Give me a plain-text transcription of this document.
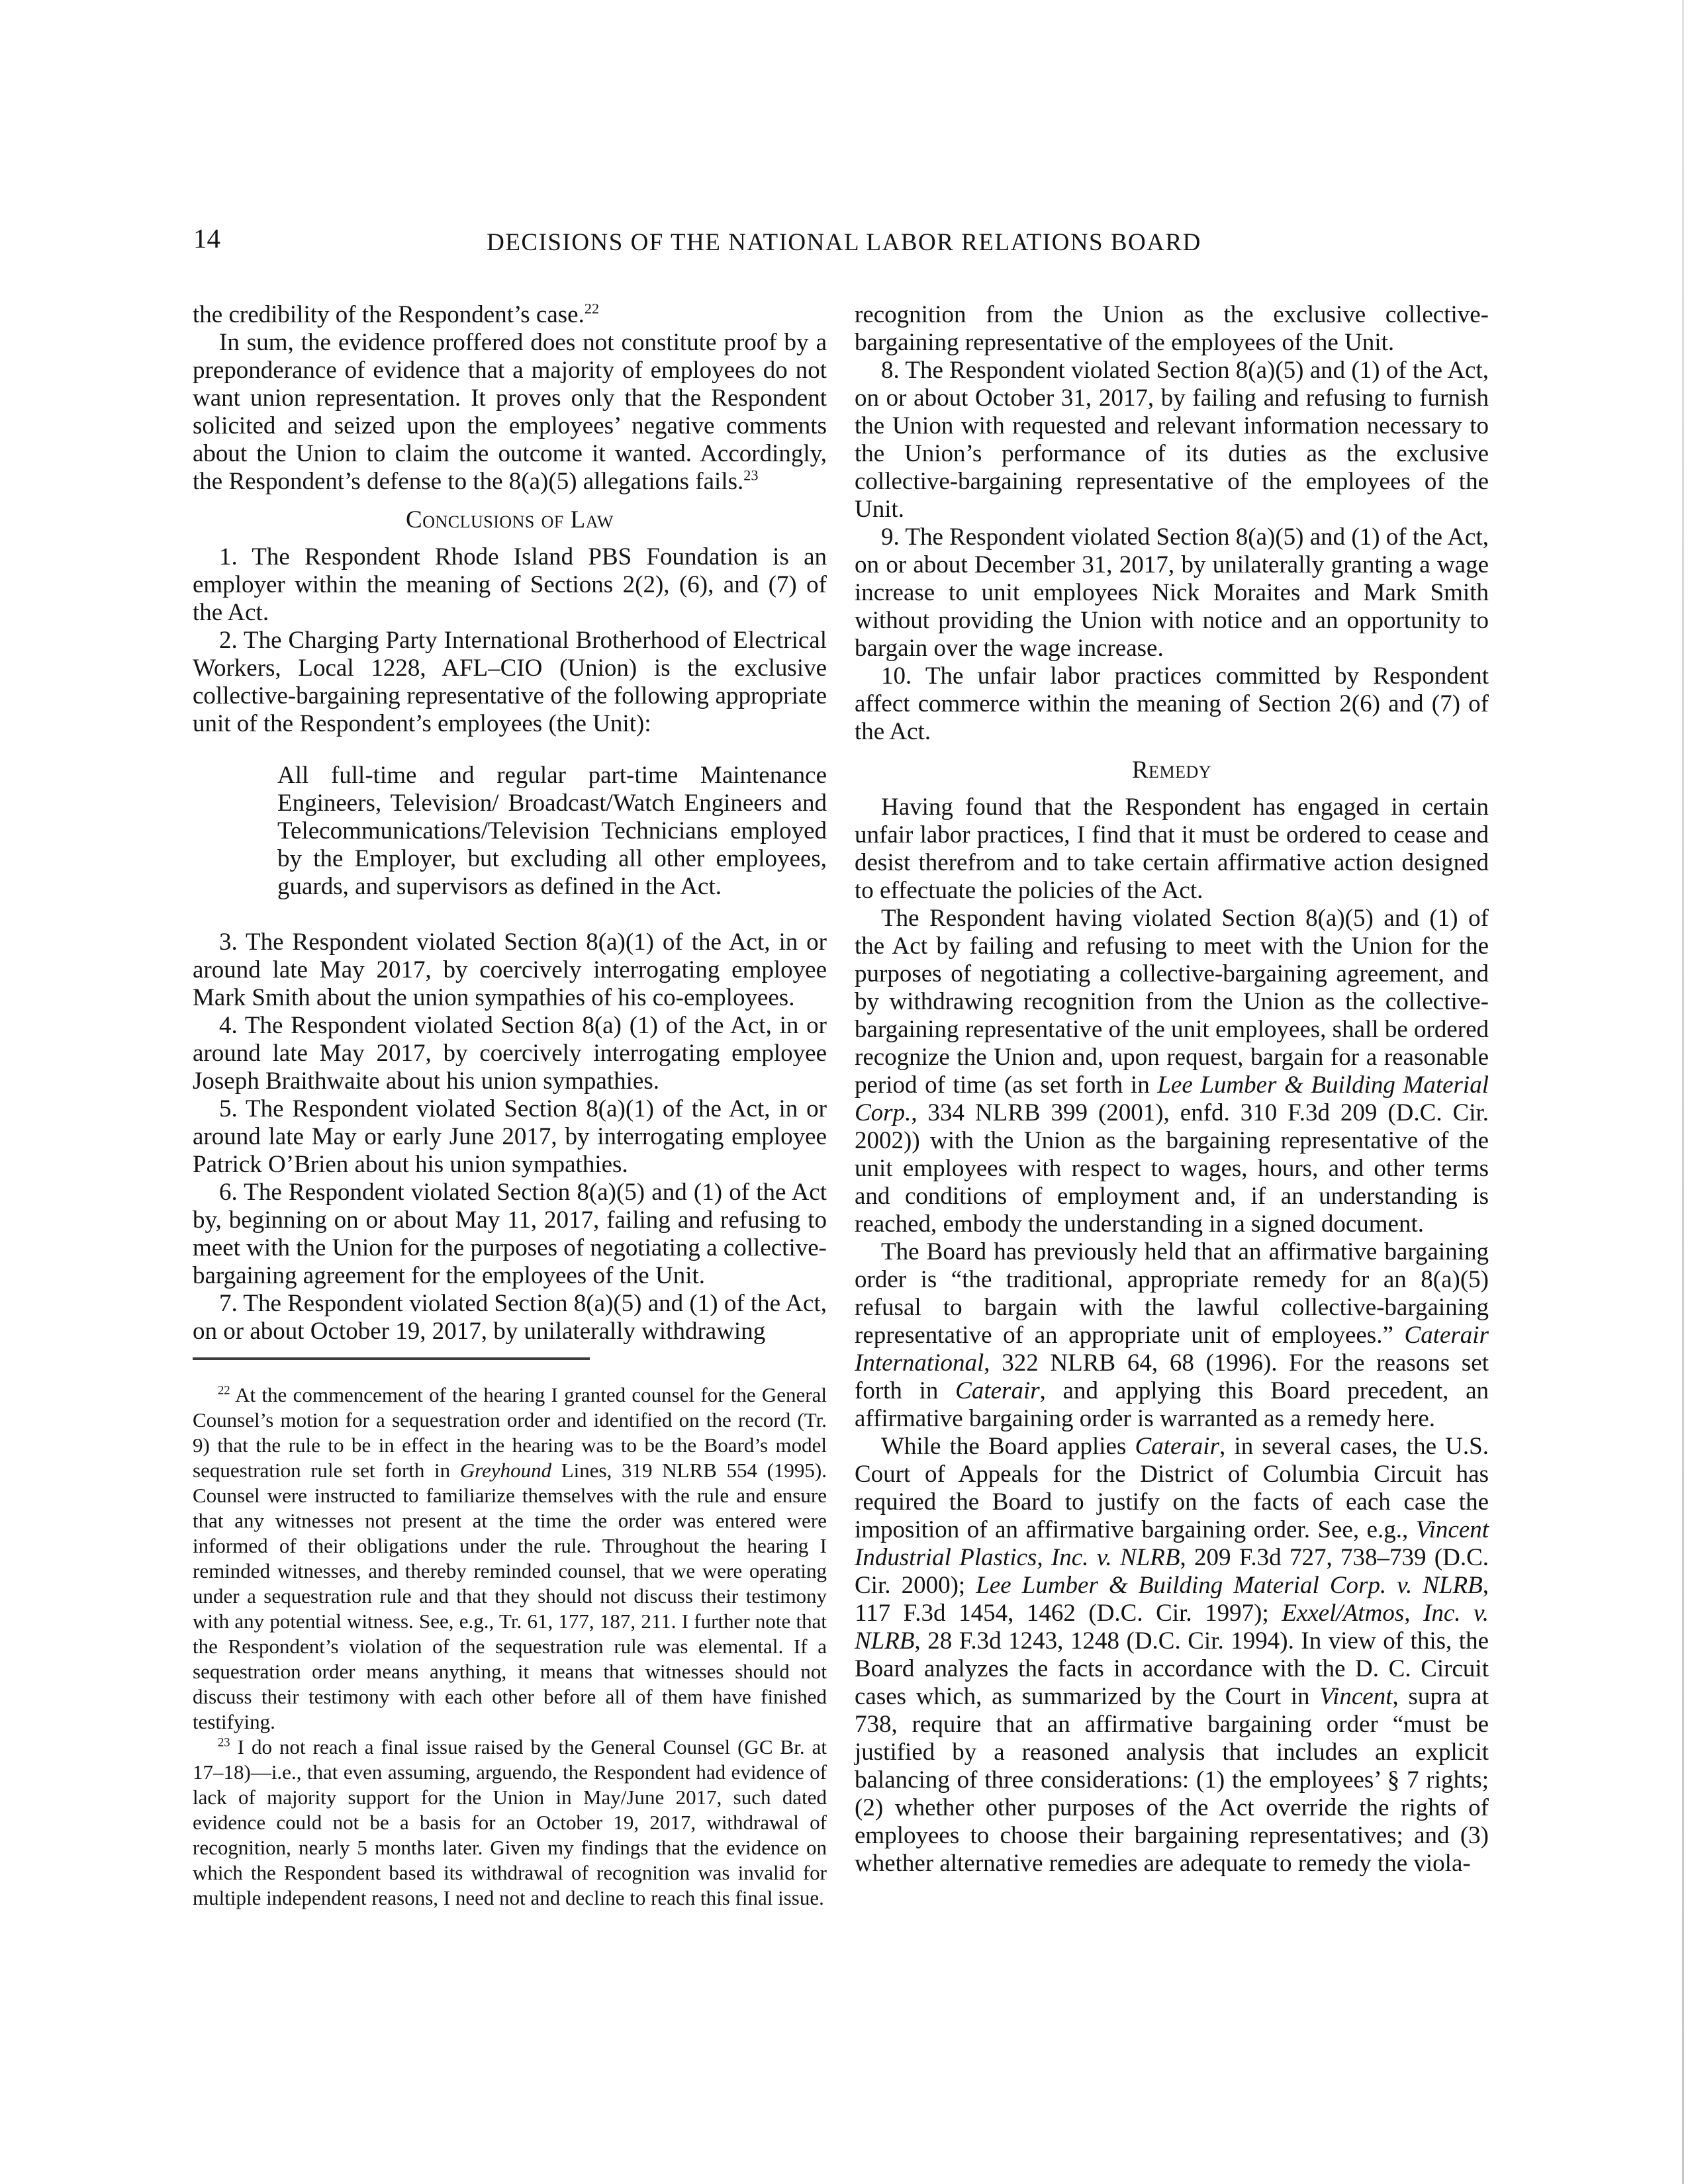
14	DECISIONS OF THE NATIONAL LABOR RELATIONS BOARD

the credibility of the Respondent’s case.$^{22}$

In sum, the evidence proffered does not constitute proof by a preponderance of evidence that a majority of employees do not want union representation. It proves only that the Respondent solicited and seized upon the employees’ negative comments about the Union to claim the outcome it wanted. Accordingly, the Respondent’s defense to the 8(a)(5) allegations fails.$^{23}$

Conclusions of Law

1. The Respondent Rhode Island PBS Foundation is an employer within the meaning of Sections 2(2), (6), and (7) of the Act.

2. The Charging Party International Brotherhood of Electrical Workers, Local 1228, AFL–CIO (Union) is the exclusive collective-bargaining representative of the following appropriate unit of the Respondent’s employees (the Unit):

All full-time and regular part-time Maintenance Engineers, Television/ Broadcast/Watch Engineers and Telecommunications/Television Technicians employed by the Employer, but excluding all other employees, guards, and supervisors as defined in the Act.

3. The Respondent violated Section 8(a)(1) of the Act, in or around late May 2017, by coercively interrogating employee Mark Smith about the union sympathies of his co-employees.

4. The Respondent violated Section 8(a) (1) of the Act, in or around late May 2017, by coercively interrogating employee Joseph Braithwaite about his union sympathies.

5. The Respondent violated Section 8(a)(1) of the Act, in or around late May or early June 2017, by interrogating employee Patrick O’Brien about his union sympathies.

6. The Respondent violated Section 8(a)(5) and (1) of the Act by, beginning on or about May 11, 2017, failing and refusing to meet with the Union for the purposes of negotiating a collective-bargaining agreement for the employees of the Unit.

7. The Respondent violated Section 8(a)(5) and (1) of the Act, on or about October 19, 2017, by unilaterally withdrawing

$^{22}$ At the commencement of the hearing I granted counsel for the General Counsel’s motion for a sequestration order and identified on the record (Tr. 9) that the rule to be in effect in the hearing was to be the Board’s model sequestration rule set forth in Greyhound Lines, 319 NLRB 554 (1995). Counsel were instructed to familiarize themselves with the rule and ensure that any witnesses not present at the time the order was entered were informed of their obligations under the rule. Throughout the hearing I reminded witnesses, and thereby reminded counsel, that we were operating under a sequestration rule and that they should not discuss their testimony with any potential witness. See, e.g., Tr. 61, 177, 187, 211. I further note that the Respondent’s violation of the sequestration rule was elemental. If a sequestration order means anything, it means that witnesses should not discuss their testimony with each other before all of them have finished testifying.

$^{23}$ I do not reach a final issue raised by the General Counsel (GC Br. at 17–18)—i.e., that even assuming, arguendo, the Respondent had evidence of lack of majority support for the Union in May/June 2017, such dated evidence could not be a basis for an October 19, 2017, withdrawal of recognition, nearly 5 months later. Given my findings that the evidence on which the Respondent based its withdrawal of recognition was invalid for multiple independent reasons, I need not and decline to reach this final issue.

recognition from the Union as the exclusive collective-bargaining representative of the employees of the Unit.

8. The Respondent violated Section 8(a)(5) and (1) of the Act, on or about October 31, 2017, by failing and refusing to furnish the Union with requested and relevant information necessary to the Union’s performance of its duties as the exclusive collective-bargaining representative of the employees of the Unit.

9. The Respondent violated Section 8(a)(5) and (1) of the Act, on or about December 31, 2017, by unilaterally granting a wage increase to unit employees Nick Moraites and Mark Smith without providing the Union with notice and an opportunity to bargain over the wage increase.

10. The unfair labor practices committed by Respondent affect commerce within the meaning of Section 2(6) and (7) of the Act.

Remedy

Having found that the Respondent has engaged in certain unfair labor practices, I find that it must be ordered to cease and desist therefrom and to take certain affirmative action designed to effectuate the policies of the Act.

The Respondent having violated Section 8(a)(5) and (1) of the Act by failing and refusing to meet with the Union for the purposes of negotiating a collective-bargaining agreement, and by withdrawing recognition from the Union as the collective-bargaining representative of the unit employees, shall be ordered recognize the Union and, upon request, bargain for a reasonable period of time (as set forth in Lee Lumber & Building Material Corp., 334 NLRB 399 (2001), enfd. 310 F.3d 209 (D.C. Cir. 2002)) with the Union as the bargaining representative of the unit employees with respect to wages, hours, and other terms and conditions of employment and, if an understanding is reached, embody the understanding in a signed document.

The Board has previously held that an affirmative bargaining order is “the traditional, appropriate remedy for an 8(a)(5) refusal to bargain with the lawful collective-bargaining representative of an appropriate unit of employees.” Caterair International, 322 NLRB 64, 68 (1996). For the reasons set forth in Caterair, and applying this Board precedent, an affirmative bargaining order is warranted as a remedy here.

While the Board applies Caterair, in several cases, the U.S. Court of Appeals for the District of Columbia Circuit has required the Board to justify on the facts of each case the imposition of an affirmative bargaining order. See, e.g., Vincent Industrial Plastics, Inc. v. NLRB, 209 F.3d 727, 738–739 (D.C. Cir. 2000); Lee Lumber & Building Material Corp. v. NLRB, 117 F.3d 1454, 1462 (D.C. Cir. 1997); Exxel/Atmos, Inc. v. NLRB, 28 F.3d 1243, 1248 (D.C. Cir. 1994). In view of this, the Board analyzes the facts in accordance with the D. C. Circuit cases which, as summarized by the Court in Vincent, supra at 738, require that an affirmative bargaining order “must be justified by a reasoned analysis that includes an explicit balancing of three considerations: (1) the employees’ § 7 rights; (2) whether other purposes of the Act override the rights of employees to choose their bargaining representatives; and (3) whether alternative remedies are adequate to remedy the viola-
